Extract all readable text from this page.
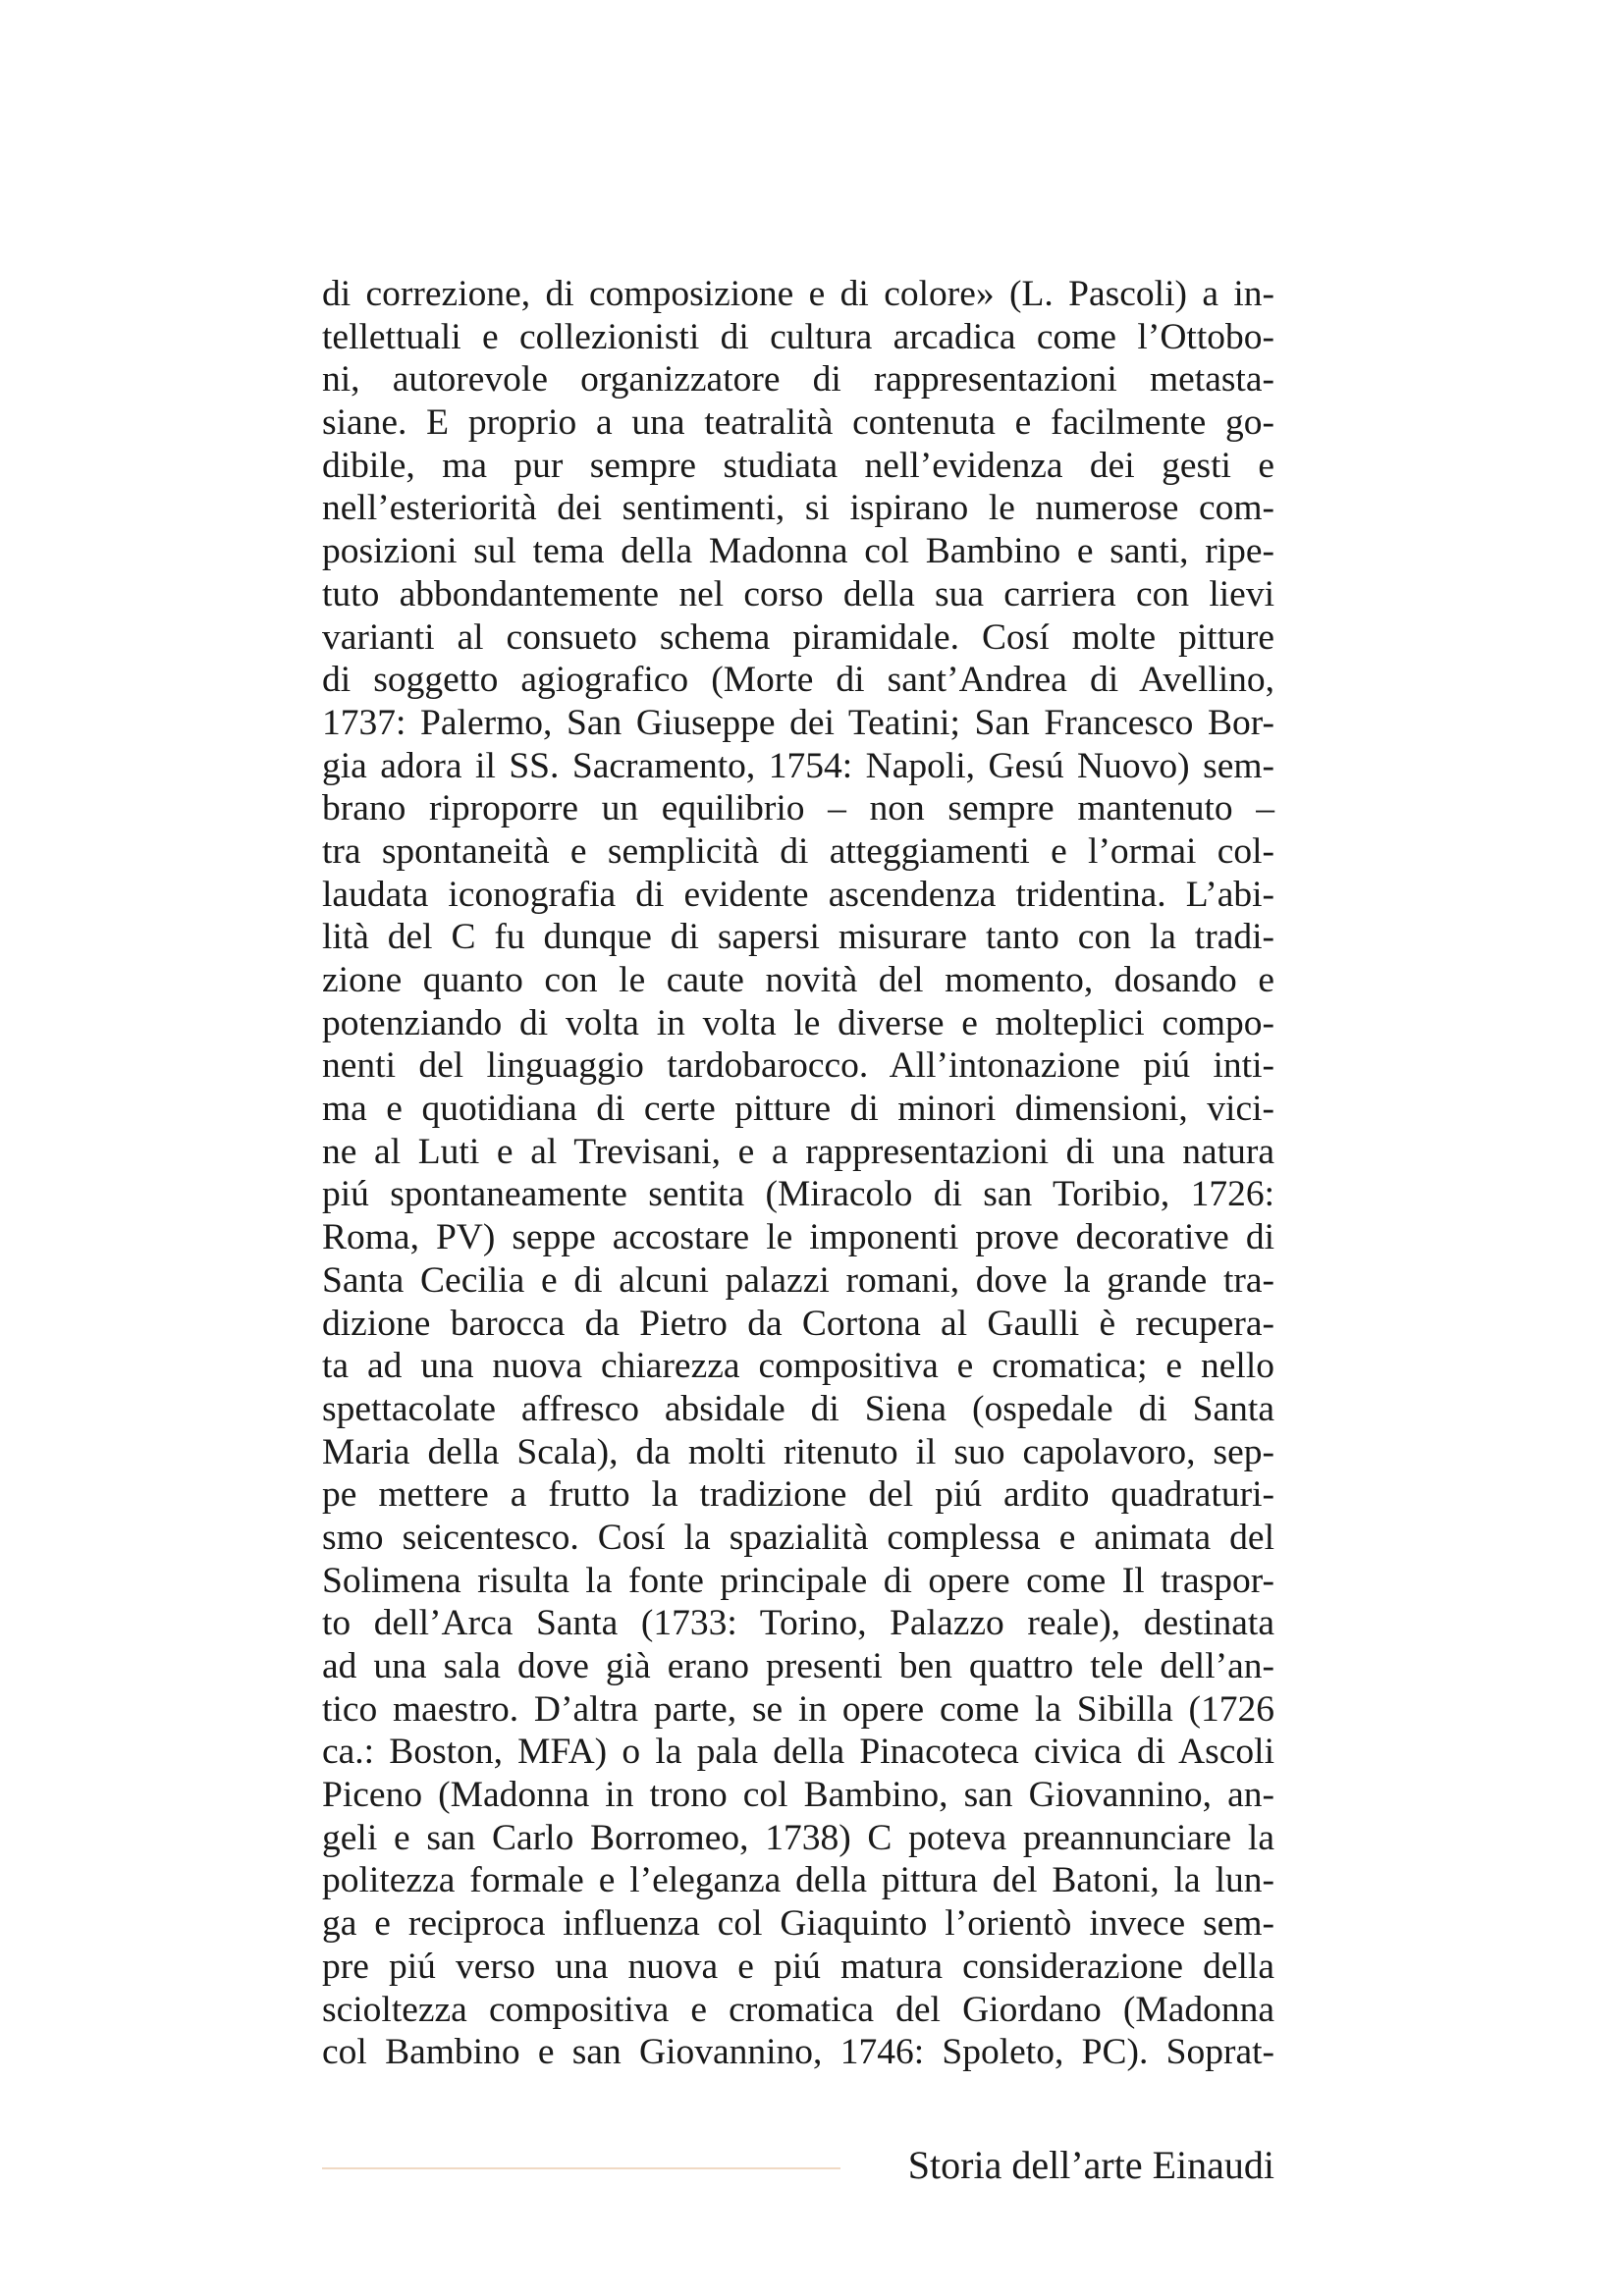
di correzione, di composizione e di colore» (L. Pascoli) a in-
tellettuali e collezionisti di cultura arcadica come l’Ottobo-
ni, autorevole organizzatore di rappresentazioni metasta-
siane. E proprio a una teatralità contenuta e facilmente go-
dibile, ma pur sempre studiata nell’evidenza dei gesti e
nell’esteriorità dei sentimenti, si ispirano le numerose com-
posizioni sul tema della Madonna col Bambino e santi, ripe-
tuto abbondantemente nel corso della sua carriera con lievi
varianti al consueto schema piramidale. Cosí molte pitture
di soggetto agiografico (Morte di sant’Andrea di Avellino,
1737: Palermo, San Giuseppe dei Teatini; San Francesco Bor-
gia adora il SS. Sacramento, 1754: Napoli, Gesú Nuovo) sem-
brano riproporre un equilibrio – non sempre mantenuto –
tra spontaneità e semplicità di atteggiamenti e l’ormai col-
laudata iconografia di evidente ascendenza tridentina. L’abi-
lità del C fu dunque di sapersi misurare tanto con la tradi-
zione quanto con le caute novità del momento, dosando e
potenziando di volta in volta le diverse e molteplici compo-
nenti del linguaggio tardobarocco. All’intonazione piú inti-
ma e quotidiana di certe pitture di minori dimensioni, vici-
ne al Luti e al Trevisani, e a rappresentazioni di una natura
piú spontaneamente sentita (Miracolo di san Toribio, 1726:
Roma, PV) seppe accostare le imponenti prove decorative di
Santa Cecilia e di alcuni palazzi romani, dove la grande tra-
dizione barocca da Pietro da Cortona al Gaulli è recupera-
ta ad una nuova chiarezza compositiva e cromatica; e nello
spettacolate affresco absidale di Siena (ospedale di Santa
Maria della Scala), da molti ritenuto il suo capolavoro, sep-
pe mettere a frutto la tradizione del piú ardito quadraturi-
smo seicentesco. Cosí la spazialità complessa e animata del
Solimena risulta la fonte principale di opere come Il traspor-
to dell’Arca Santa (1733: Torino, Palazzo reale), destinata
ad una sala dove già erano presenti ben quattro tele dell’an-
tico maestro. D’altra parte, se in opere come la Sibilla (1726
ca.: Boston, MFA) o la pala della Pinacoteca civica di Ascoli
Piceno (Madonna in trono col Bambino, san Giovannino, an-
geli e san Carlo Borromeo, 1738) C poteva preannunciare la
politezza formale e l’eleganza della pittura del Batoni, la lun-
ga e reciproca influenza col Giaquinto l’orientò invece sem-
pre piú verso una nuova e piú matura considerazione della
scioltezza compositiva e cromatica del Giordano (Madonna
col Bambino e san Giovannino, 1746: Spoleto, PC). Soprat-
Storia dell’arte Einaudi
